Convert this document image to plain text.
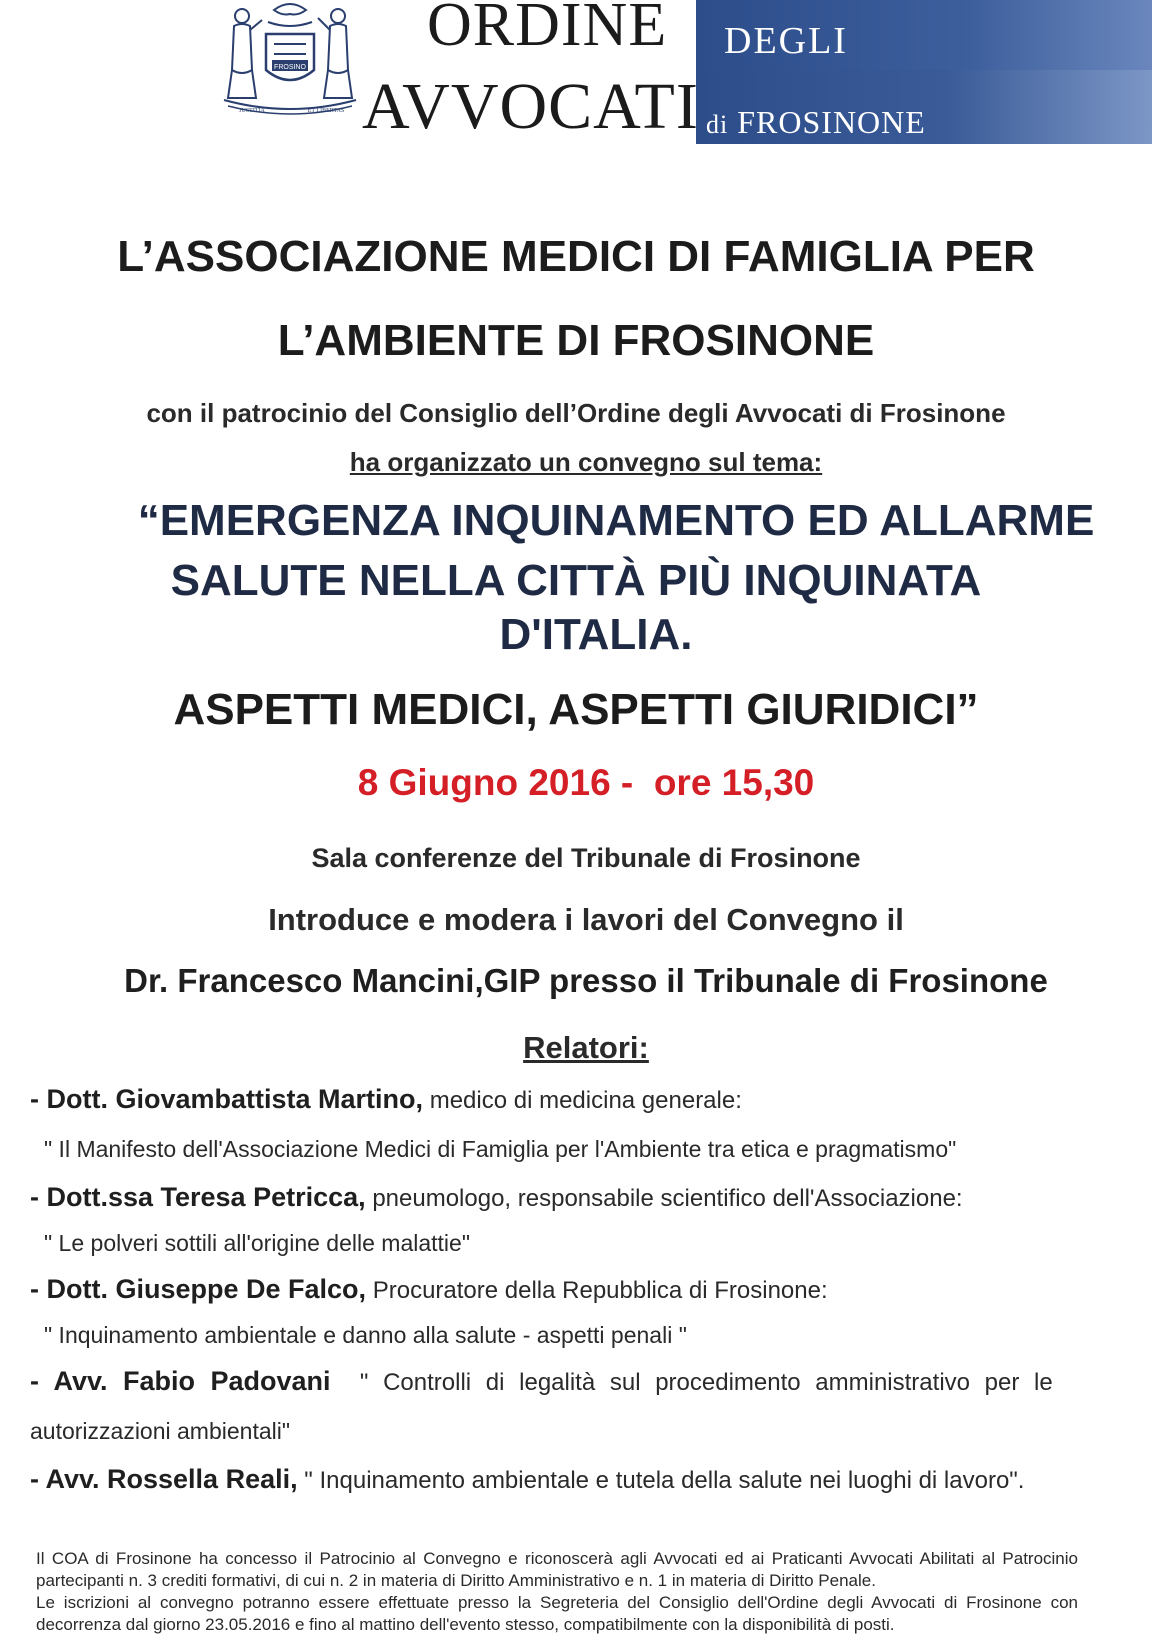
FROSINO
JUSTITIA	ET LIBERTAS
DEGLI
di FROSINONE
ORDINE
AVVOCATI
L’ASSOCIAZIONE MEDICI DI FAMIGLIA PER
L’AMBIENTE DI FROSINONE
con il patrocinio del Consiglio dell’Ordine degli Avvocati di Frosinone
ha organizzato un convegno sul tema:
“EMERGENZA INQUINAMENTO ED ALLARME
SALUTE NELLA CITTÀ PIÙ INQUINATA
D'ITALIA.
ASPETTI MEDICI, ASPETTI GIURIDICI”
8 Giugno 2016 - ore 15,30
Sala conferenze del Tribunale di Frosinone
Introduce e modera i lavori del Convegno il
Dr. Francesco Mancini,GIP presso il Tribunale di Frosinone
Relatori:
- Dott. Giovambattista Martino, medico di medicina generale:
" Il Manifesto dell'Associazione Medici di Famiglia per l'Ambiente tra etica e pragmatismo"
- Dott.ssa Teresa Petricca, pneumologo, responsabile scientifico dell'Associazione:
" Le polveri sottili all'origine delle malattie"
- Dott. Giuseppe De Falco, Procuratore della Repubblica di Frosinone:
" Inquinamento ambientale e danno alla salute - aspetti penali "
- Avv. Fabio Padovani " Controlli di legalità sul procedimento amministrativo per le
autorizzazioni ambientali"
- Avv. Rossella Reali, " Inquinamento ambientale e tutela della salute nei luoghi di lavoro".

Il COA di Frosinone ha concesso il Patrocinio al Convegno e riconoscerà agli Avvocati ed ai Praticanti Avvocati Abilitati al Patrocinio partecipanti n. 3 crediti formativi, di cui n. 2 in materia di Diritto Amministrativo e n. 1 in materia di Diritto Penale.

Le iscrizioni al convegno potranno essere effettuate presso la Segreteria del Consiglio dell'Ordine degli Avvocati di Frosinone con decorrenza dal giorno 23.05.2016 e fino al mattino dell'evento stesso, compatibilmente con la disponibilità di posti.
